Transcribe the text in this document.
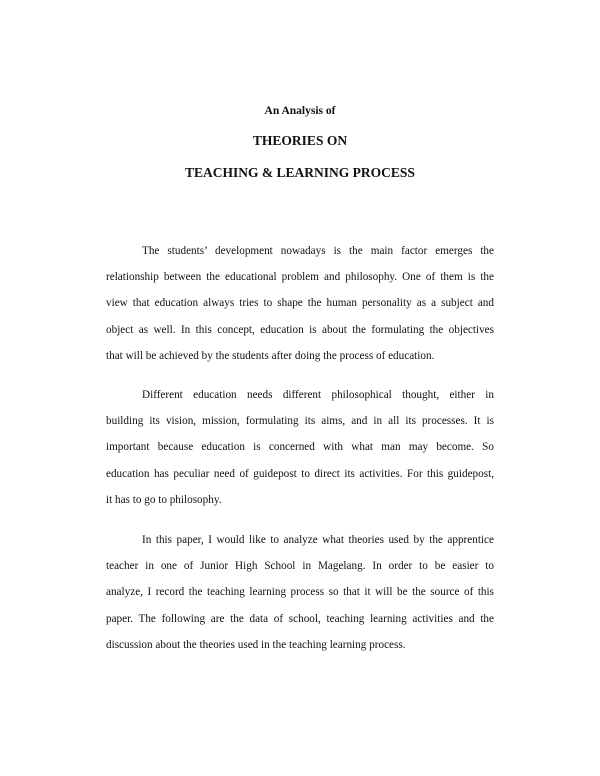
An Analysis of
THEORIES ON
TEACHING & LEARNING PROCESS
The students’ development nowadays is the main factor emerges the
relationship between the educational problem and philosophy. One of them is the
view that education always tries to shape the human personality as a subject and
object as well. In this concept, education is about the formulating the objectives
that will be achieved by the students after doing the process of education.
Different education needs different philosophical thought, either in
building its vision, mission, formulating its aims, and in all its processes. It is
important because education is concerned with what man may become. So
education has peculiar need of guidepost to direct its activities. For this guidepost,
it has to go to philosophy.
In this paper, I would like to analyze what theories used by the apprentice
teacher in one of Junior High School in Magelang. In order to be easier to
analyze, I record the teaching learning process so that it will be the source of this
paper. The following are the data of school, teaching learning activities and the
discussion about the theories used in the teaching learning process.
